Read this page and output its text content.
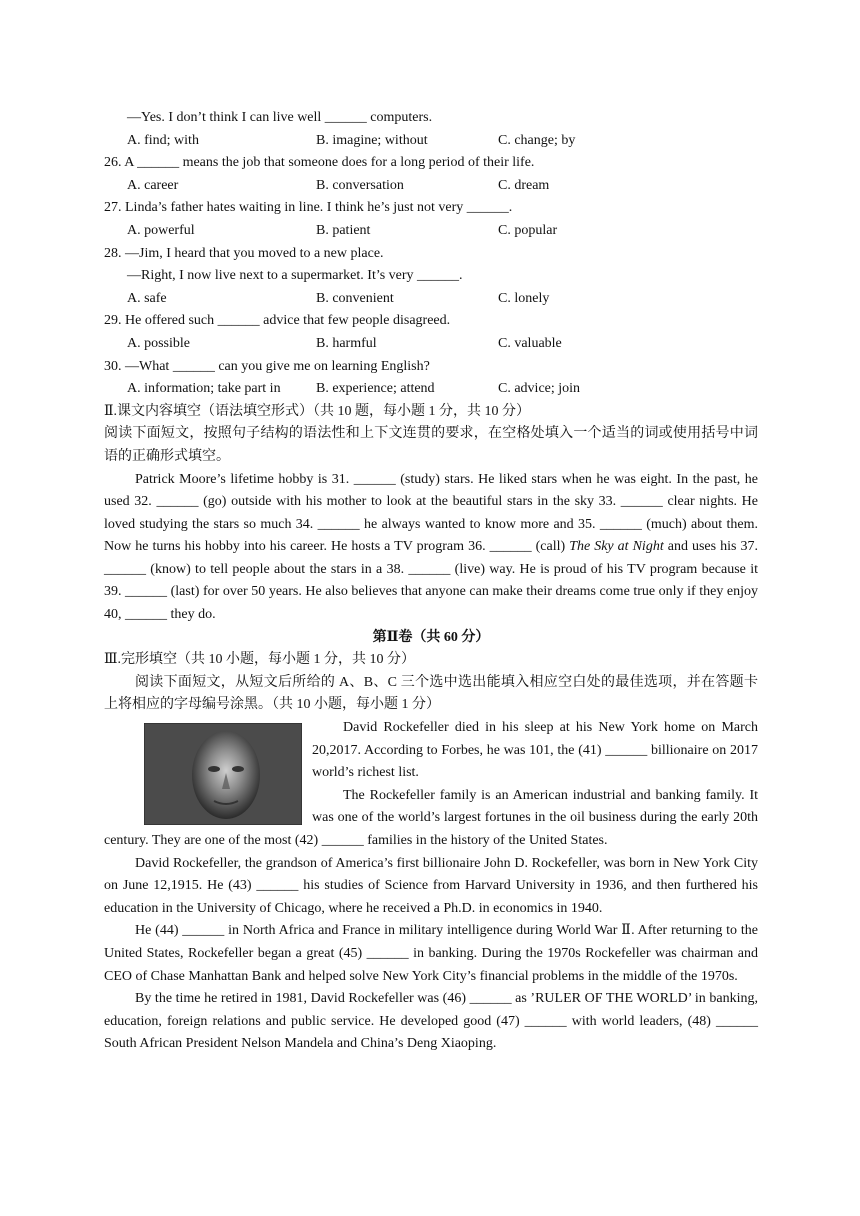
—Yes. I don’t think I can live well ______ computers.
A. find; with	B. imagine; without	C. change; by
26. A ______ means the job that someone does for a long period of their life.
A. career	B. conversation	C. dream
27. Linda’s father hates waiting in line. I think he’s just not very ______.
A. powerful	B. patient	C. popular
28. —Jim, I heard that you moved to a new place.
—Right, I now live next to a supermarket. It’s very ______.
A. safe	B. convenient	C. lonely
29. He offered such ______ advice that few people disagreed.
A. possible	B. harmful	C. valuable
30. —What ______ can you give me on learning English?
A. information; take part in	B. experience; attend	C. advice; join
Ⅱ.课文内容填空（语法填空形式）（共 10 题，每小题 1 分，共 10 分）
阅读下面短文，按照句子结构的语法性和上下文连贯的要求，在空格处填入一个适当的词或使用括号中词语的正确形式填空。
Patrick Moore’s lifetime hobby is 31. ______ (study) stars. He liked stars when he was eight. In the past, he used 32. ______ (go) outside with his mother to look at the beautiful stars in the sky 33. ______ clear nights. He loved studying the stars so much 34. ______ he always wanted to know more and 35. ______ (much) about them. Now he turns his hobby into his career. He hosts a TV program 36. ______ (call) The Sky at Night and uses his 37. ______ (know) to tell people about the stars in a 38. ______ (live) way. He is proud of his TV program because it 39. ______ (last) for over 50 years. He also believes that anyone can make their dreams come true only if they enjoy 40, ______ they do.
第Ⅱ卷（共 60 分）
Ⅲ.完形填空（共 10 小题，每小题 1 分，共 10 分）
阅读下面短文，从短文后所给的 A、B、C 三个选中选出能填入相应空白处的最佳选项，并在答题卡上将相应的字母编号涂黑。（共 10 小题，每小题 1 分）
David Rockefeller died in his sleep at his New York home on March 20,2017. According to Forbes, he was 101, the (41) ______ billionaire on 2017 world’s richest list.
The Rockefeller family is an American industrial and banking family. It was one of the world’s largest fortunes in the oil business during the early 20th century. They are one of the most (42) ______ families in the history of the United States.
David Rockefeller, the grandson of America’s first billionaire John D. Rockefeller, was born in New York City on June 12,1915. He (43) ______ his studies of Science from Harvard University in 1936, and then furthered his education in the University of Chicago, where he received a Ph.D. in economics in 1940.
He (44) ______ in North Africa and France in military intelligence during World War Ⅱ. After returning to the United States, Rockefeller began a great (45) ______ in banking. During the 1970s Rockefeller was chairman and CEO of Chase Manhattan Bank and helped solve New York City’s financial problems in the middle of the 1970s.
By the time he retired in 1981, David Rockefeller was (46) ______ as ’RULER OF THE WORLD’ in banking, education, foreign relations and public service. He developed good (47) ______ with world leaders, (48) ______ South African President Nelson Mandela and China’s Deng Xiaoping.
